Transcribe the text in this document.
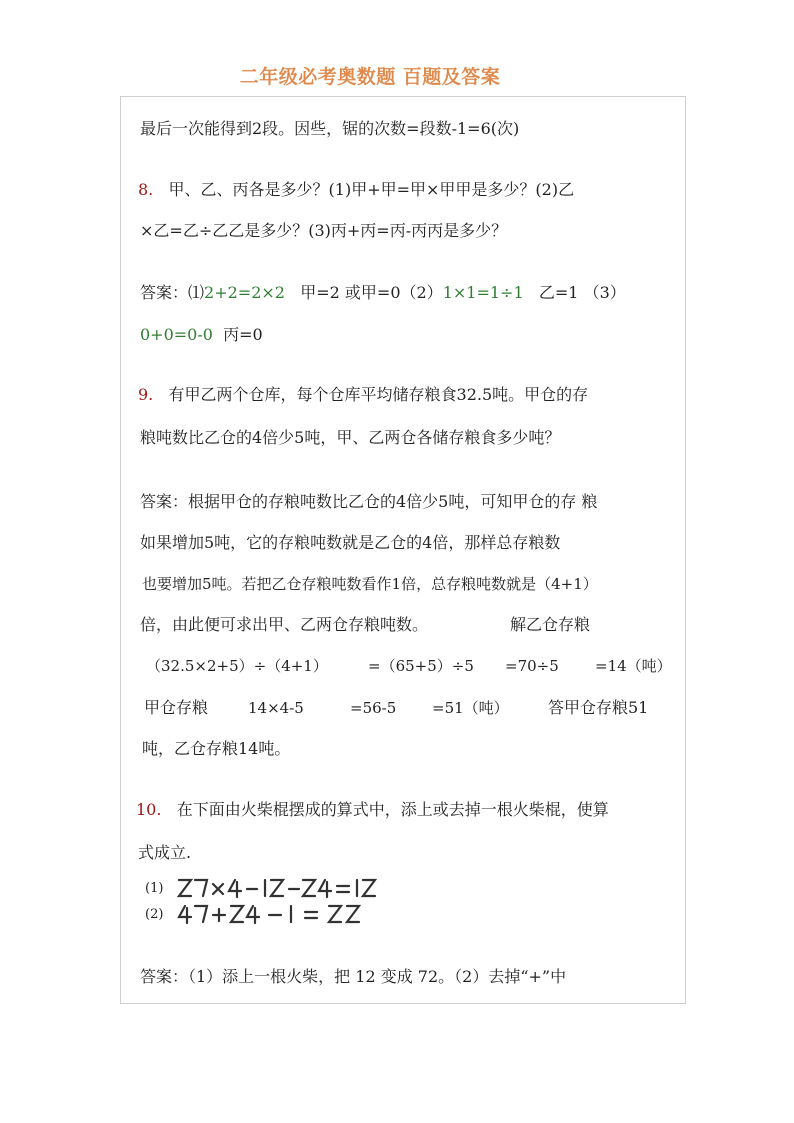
二年级必考奥数题 百题及答案
最后一次能得到2段。因些，锯的次数=段数-1=6(次)
8. 甲、乙、丙各是多少？(1)甲+甲=甲×甲甲是多少？(2)乙
×乙=乙÷乙乙是多少？(3)丙+丙=丙-丙丙是多少？
答案：⑴2+2=2×2 甲=2 或甲=0（2）1×1=1÷1 乙=1 （3）
0+0=0-0 丙=0
9. 有甲乙两个仓库，每个仓库平均储存粮食32.5吨。甲仓的存
粮吨数比乙仓的4倍少5吨，甲、乙两仓各储存粮食多少吨？
答案：根据甲仓的存粮吨数比乙仓的4倍少5吨，可知甲仓的存 粮
如果增加5吨，它的存粮吨数就是乙仓的4倍，那样总存粮数
也要增加5吨。若把乙仓存粮吨数看作1倍，总存粮吨数就是（4+1）
倍，由此便可求出甲、乙两仓存粮吨数。	解乙仓存粮
（32.5×2+5）÷（4+1）	=（65+5）÷5 =70÷5 =14（吨）
甲仓存粮	14×4-5	=56-5 =51（吨） 答甲仓存粮51
吨，乙仓存粮14吨。
10. 在下面由火柴棍摆成的算式中，添上或去掉一根火柴棍，使算
式成立.
(1)
(2)
答案：（1）添上一根火柴，把 12 变成 72。（2）去掉“+”中
